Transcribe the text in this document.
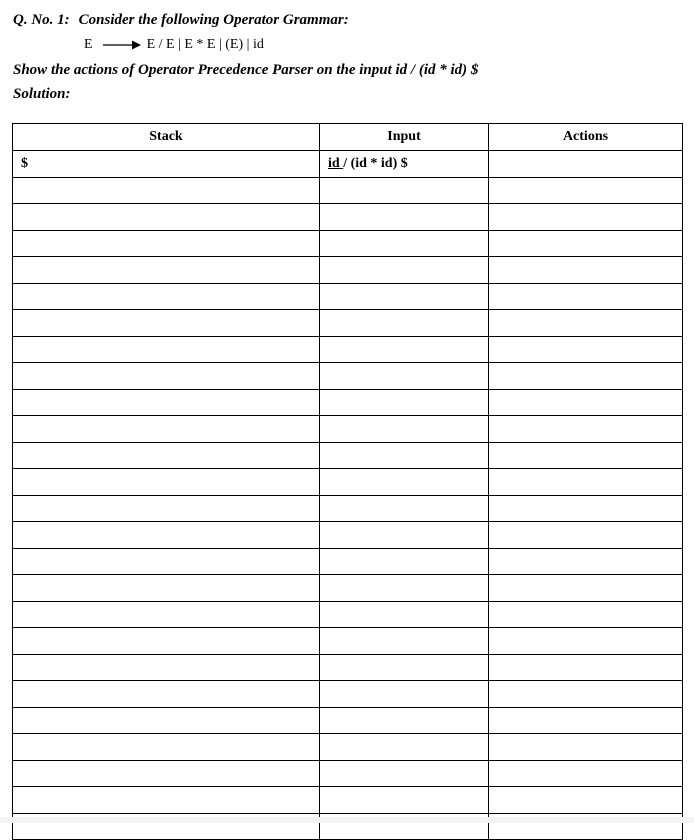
Q. No. 1: Consider the following Operator Grammar:
E	E / E | E * E | (E) | id
Show the actions of Operator Precedence Parser on the input id / (id * id) $
Solution:
Stack	Input	Actions
$	id / (id * id) $	
